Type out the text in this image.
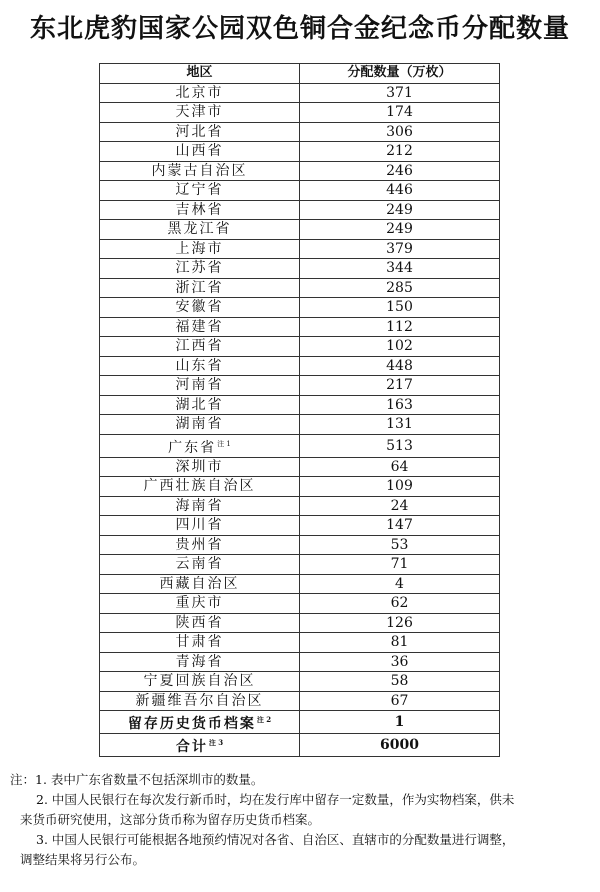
东北虎豹国家公园双色铜合金纪念币分配数量
地区	分配数量（万枚）
北京市	371
天津市	174
河北省	306
山西省	212
内蒙古自治区	246
辽宁省	446
吉林省	249
黑龙江省	249
上海市	379
江苏省	344
浙江省	285
安徽省	150
福建省	112
江西省	102
山东省	448
河南省	217
湖北省	163
湖南省	131
广东省$^{注 1}$	513
深圳市	64
广西壮族自治区	109
海南省	24
四川省	147
贵州省	53
云南省	71
西藏自治区	4
重庆市	62
陕西省	126
甘肃省	81
青海省	36
宁夏回族自治区	58
新疆维吾尔自治区	67
留存历史货币档案$^{注 2}$	1
合计$^{注 3}$	6000
注：1. 表中广东省数量不包括深圳市的数量。
2. 中国人民银行在每次发行新币时，均在发行库中留存一定数量，作为实物档案，供未
来货币研究使用，这部分货币称为留存历史货币档案。
3. 中国人民银行可能根据各地预约情况对各省、自治区、直辖市的分配数量进行调整，
调整结果将另行公布。
